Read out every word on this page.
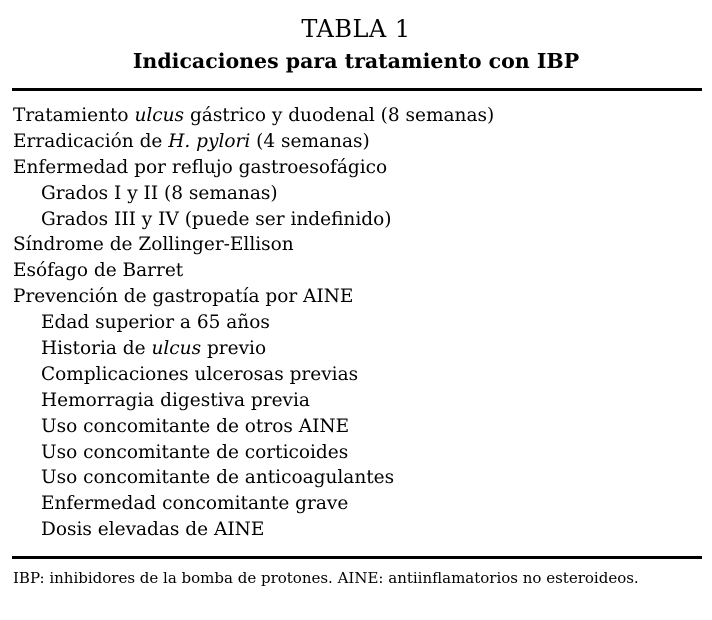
TABLA 1
Indicaciones para tratamiento con IBP
Tratamiento ulcus gástrico y duodenal (8 semanas)
Erradicación de H. pylori (4 semanas)
Enfermedad por reflujo gastroesofágico
Grados I y II (8 semanas)
Grados III y IV (puede ser indefinido)
Síndrome de Zollinger-Ellison
Esófago de Barret
Prevención de gastropatía por AINE
Edad superior a 65 años
Historia de ulcus previo
Complicaciones ulcerosas previas
Hemorragia digestiva previa
Uso concomitante de otros AINE
Uso concomitante de corticoides
Uso concomitante de anticoagulantes
Enfermedad concomitante grave
Dosis elevadas de AINE
IBP: inhibidores de la bomba de protones. AINE: antiinflamatorios no esteroideos.
